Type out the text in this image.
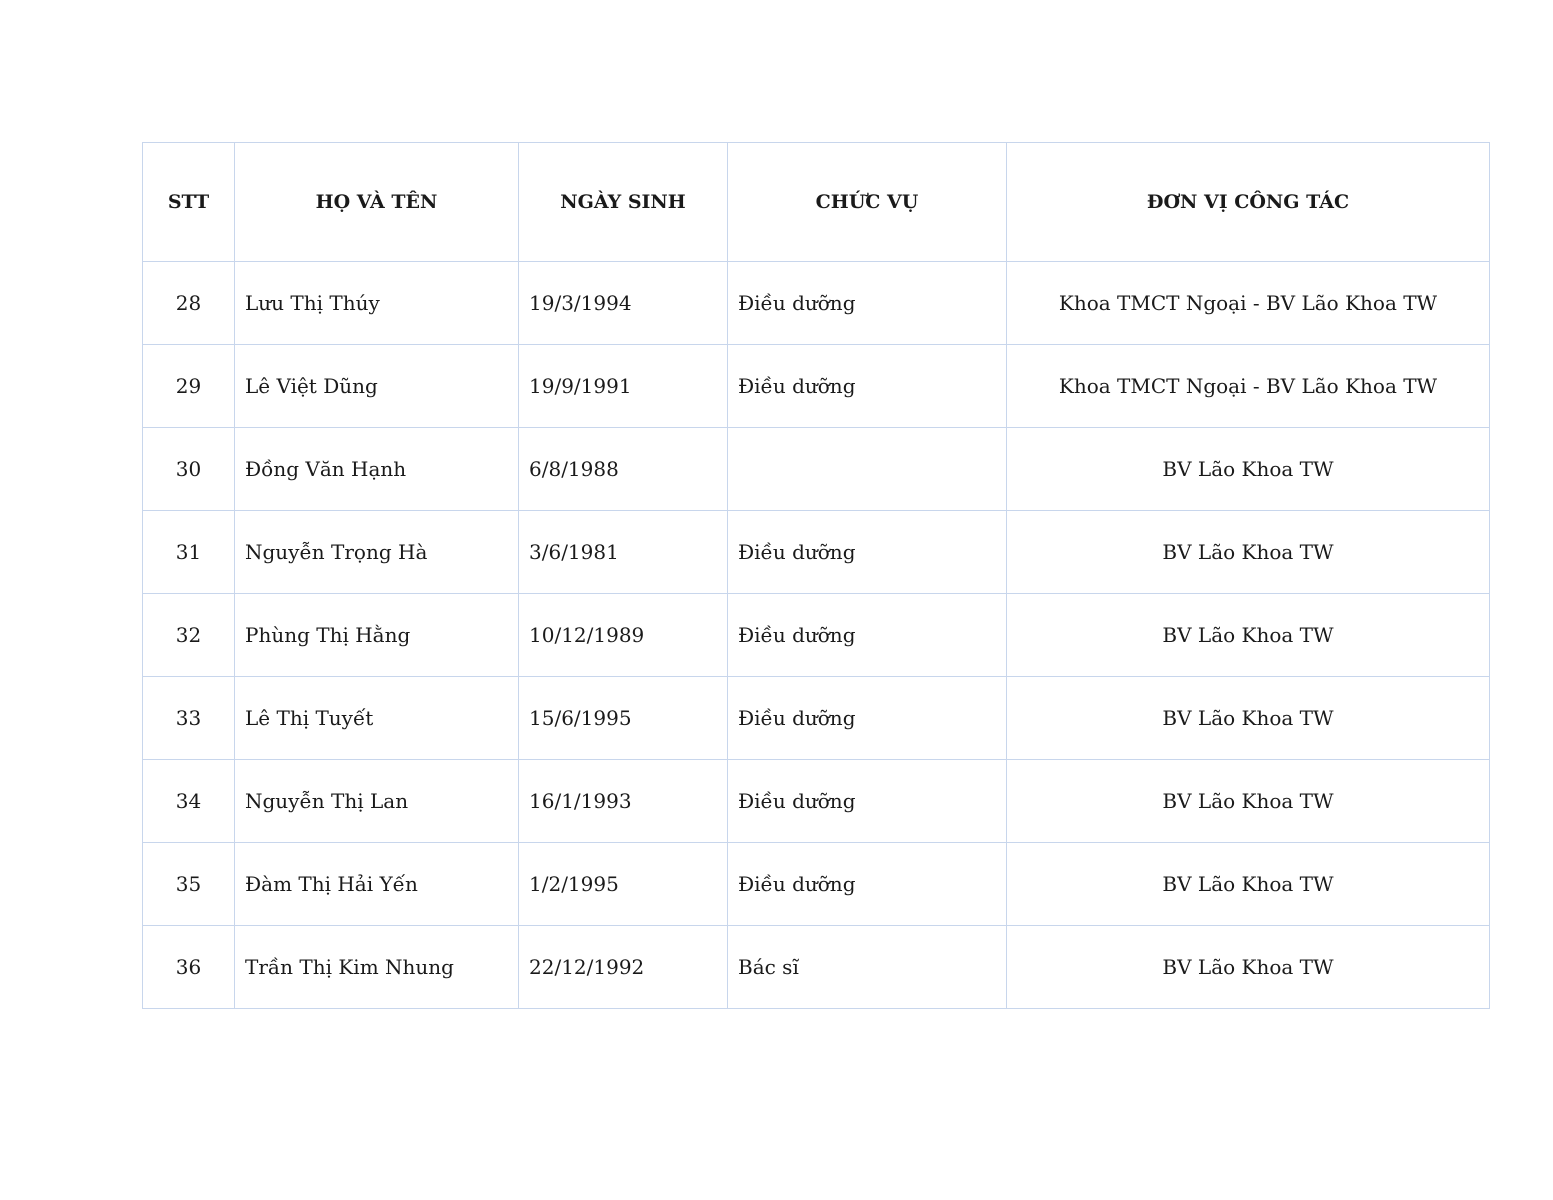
STT	HỌ VÀ TÊN	NGÀY SINH	CHỨC VỤ	ĐƠN VỊ CÔNG TÁC
28	Lưu Thị Thúy	19/3/1994	Điều dưỡng	Khoa TMCT Ngoại - BV Lão Khoa TW
29	Lê Việt Dũng	19/9/1991	Điều dưỡng	Khoa TMCT Ngoại - BV Lão Khoa TW
30	Đồng Văn Hạnh	6/8/1988		BV Lão Khoa TW
31	Nguyễn Trọng Hà	3/6/1981	Điều dưỡng	BV Lão Khoa TW
32	Phùng Thị Hằng	10/12/1989	Điều dưỡng	BV Lão Khoa TW
33	Lê Thị Tuyết	15/6/1995	Điều dưỡng	BV Lão Khoa TW
34	Nguyễn Thị Lan	16/1/1993	Điều dưỡng	BV Lão Khoa TW
35	Đàm Thị Hải Yến	1/2/1995	Điều dưỡng	BV Lão Khoa TW
36	Trần Thị Kim Nhung	22/12/1992	Bác sĩ	BV Lão Khoa TW
